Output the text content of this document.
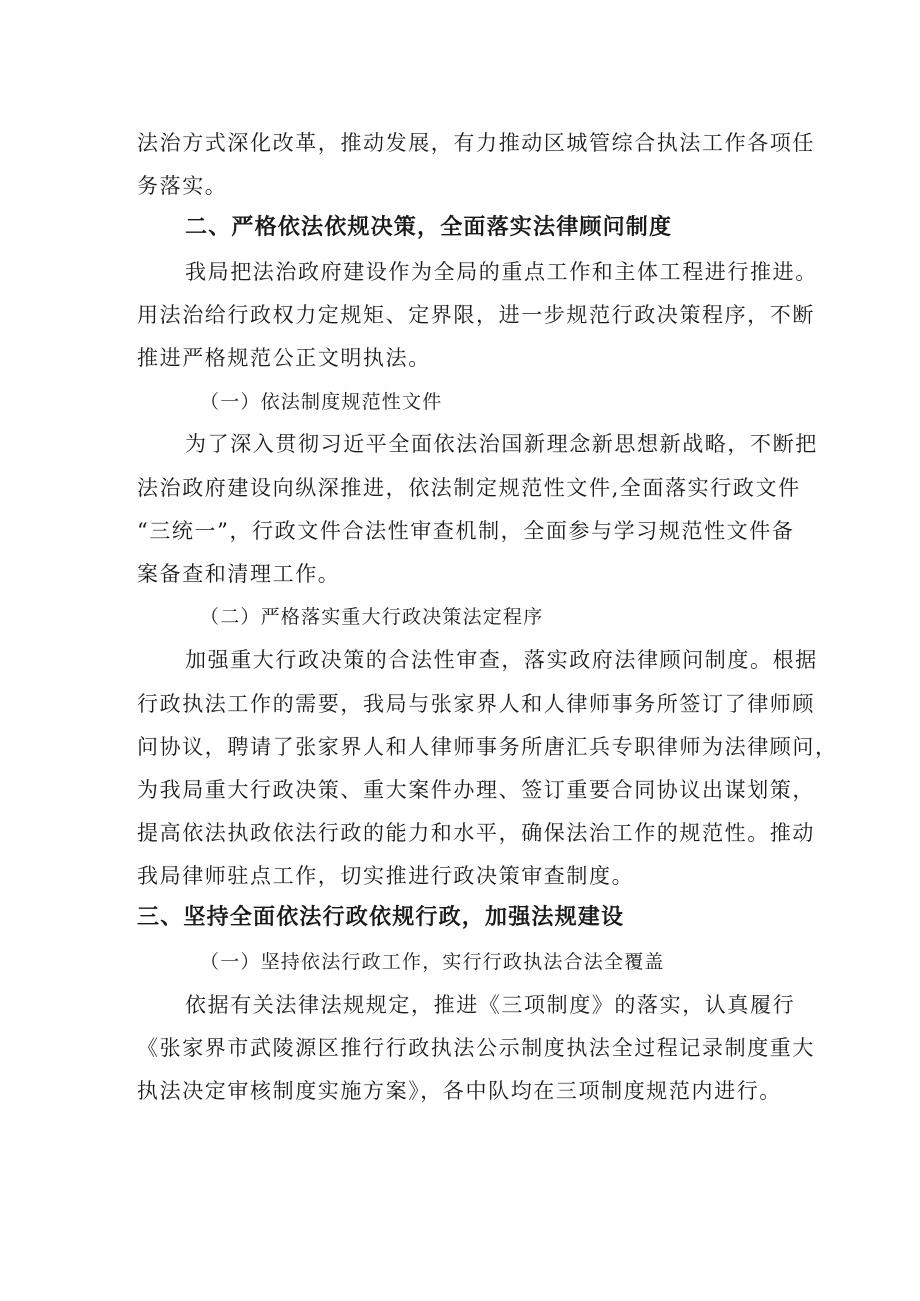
法治方式深化改革，推动发展，有力推动区城管综合执法工作各项任
务落实。
二、严格依法依规决策，全面落实法律顾问制度
我局把法治政府建设作为全局的重点工作和主体工程进行推进。
用法治给行政权力定规矩、定界限，进一步规范行政决策程序，不断
推进严格规范公正文明执法。
（一）依法制度规范性文件
为了深入贯彻习近平全面依法治国新理念新思想新战略，不断把
法治政府建设向纵深推进，依法制定规范性文件,全面落实行政文件
“三统一”，行政文件合法性审查机制，全面参与学习规范性文件备
案备查和清理工作。
（二）严格落实重大行政决策法定程序
加强重大行政决策的合法性审查，落实政府法律顾问制度。根据
行政执法工作的需要，我局与张家界人和人律师事务所签订了律师顾
问协议，聘请了张家界人和人律师事务所唐汇兵专职律师为法律顾问，
为我局重大行政决策、重大案件办理、签订重要合同协议出谋划策，
提高依法执政依法行政的能力和水平，确保法治工作的规范性。推动
我局律师驻点工作，切实推进行政决策审查制度。
三、坚持全面依法行政依规行政，加强法规建设
（一）坚持依法行政工作，实行行政执法合法全覆盖
依据有关法律法规规定，推进《三项制度》的落实，认真履行
《张家界市武陵源区推行行政执法公示制度执法全过程记录制度重大
执法决定审核制度实施方案》，各中队均在三项制度规范内进行。
